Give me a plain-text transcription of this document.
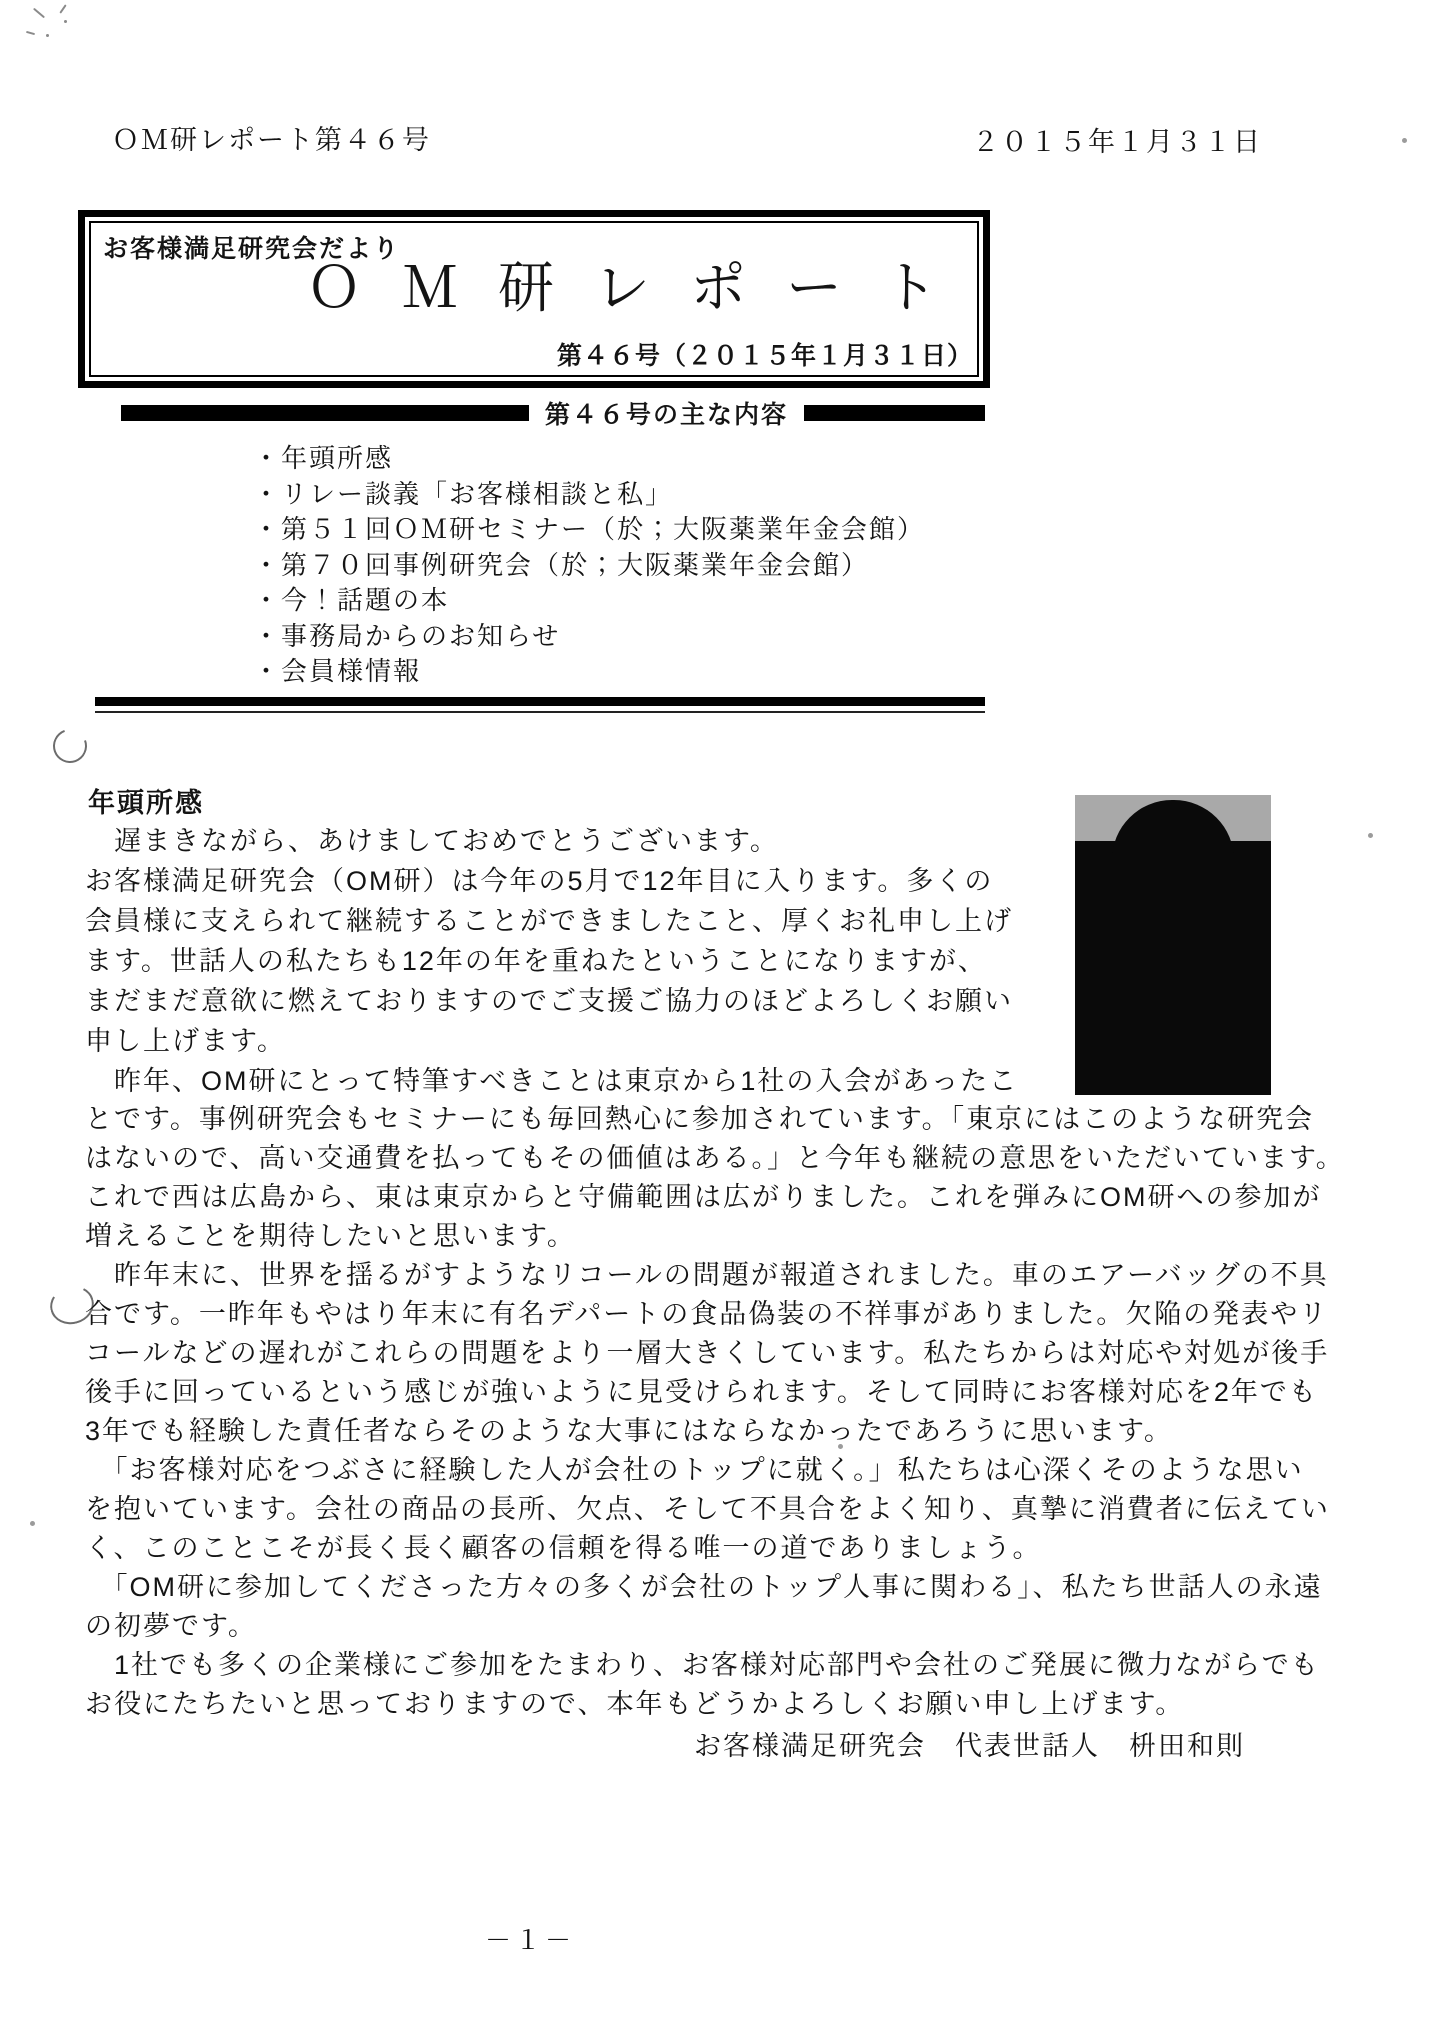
ＯＭ研レポート第４６号	２０１５年１月３１日
お客様満足研究会だより
ＯＭ研レポート
第４６号（２０１５年１月３１日）
第４６号の主な内容
・年頭所感
・リレー談義「お客様相談と私」
・第５１回ＯＭ研セミナー（於；大阪薬業年金会館）
・第７０回事例研究会（於；大阪薬業年金会館）
・今！話題の本
・事務局からのお知らせ
・会員様情報
年頭所感
　遅まきながら、あけましておめでとうございます。
お客様満足研究会（OM研）は今年の5月で12年目に入ります。多くの
会員様に支えられて継続することができましたこと、厚くお礼申し上げ
ます。世話人の私たちも12年の年を重ねたということになりますが、
まだまだ意欲に燃えておりますのでご支援ご協力のほどよろしくお願い
申し上げます。
　昨年、OM研にとって特筆すべきことは東京から1社の入会があったこ
とです。事例研究会もセミナーにも毎回熱心に参加されています。「東京にはこのような研究会
はないので、高い交通費を払ってもその価値はある。」と今年も継続の意思をいただいています。
これで西は広島から、東は東京からと守備範囲は広がりました。これを弾みにOM研への参加が
増えることを期待したいと思います。
　昨年末に、世界を揺るがすようなリコールの問題が報道されました。車のエアーバッグの不具
合です。一昨年もやはり年末に有名デパートの食品偽装の不祥事がありました。欠陥の発表やリ
コールなどの遅れがこれらの問題をより一層大きくしています。私たちからは対応や対処が後手
後手に回っているという感じが強いように見受けられます。そして同時にお客様対応を2年でも
3年でも経験した責任者ならそのような大事にはならなかったであろうに思います。
　「お客様対応をつぶさに経験した人が会社のトップに就く。」私たちは心深くそのような思い
を抱いています。会社の商品の長所、欠点、そして不具合をよく知り、真摯に消費者に伝えてい
く、このことこそが長く長く顧客の信頼を得る唯一の道でありましょう。
　「OM研に参加してくださった方々の多くが会社のトップ人事に関わる」、私たち世話人の永遠
の初夢です。
　1社でも多くの企業様にご参加をたまわり、お客様対応部門や会社のご発展に微力ながらでも
お役にたちたいと思っておりますので、本年もどうかよろしくお願い申し上げます。
お客様満足研究会　代表世話人　枡田和則
－１－
